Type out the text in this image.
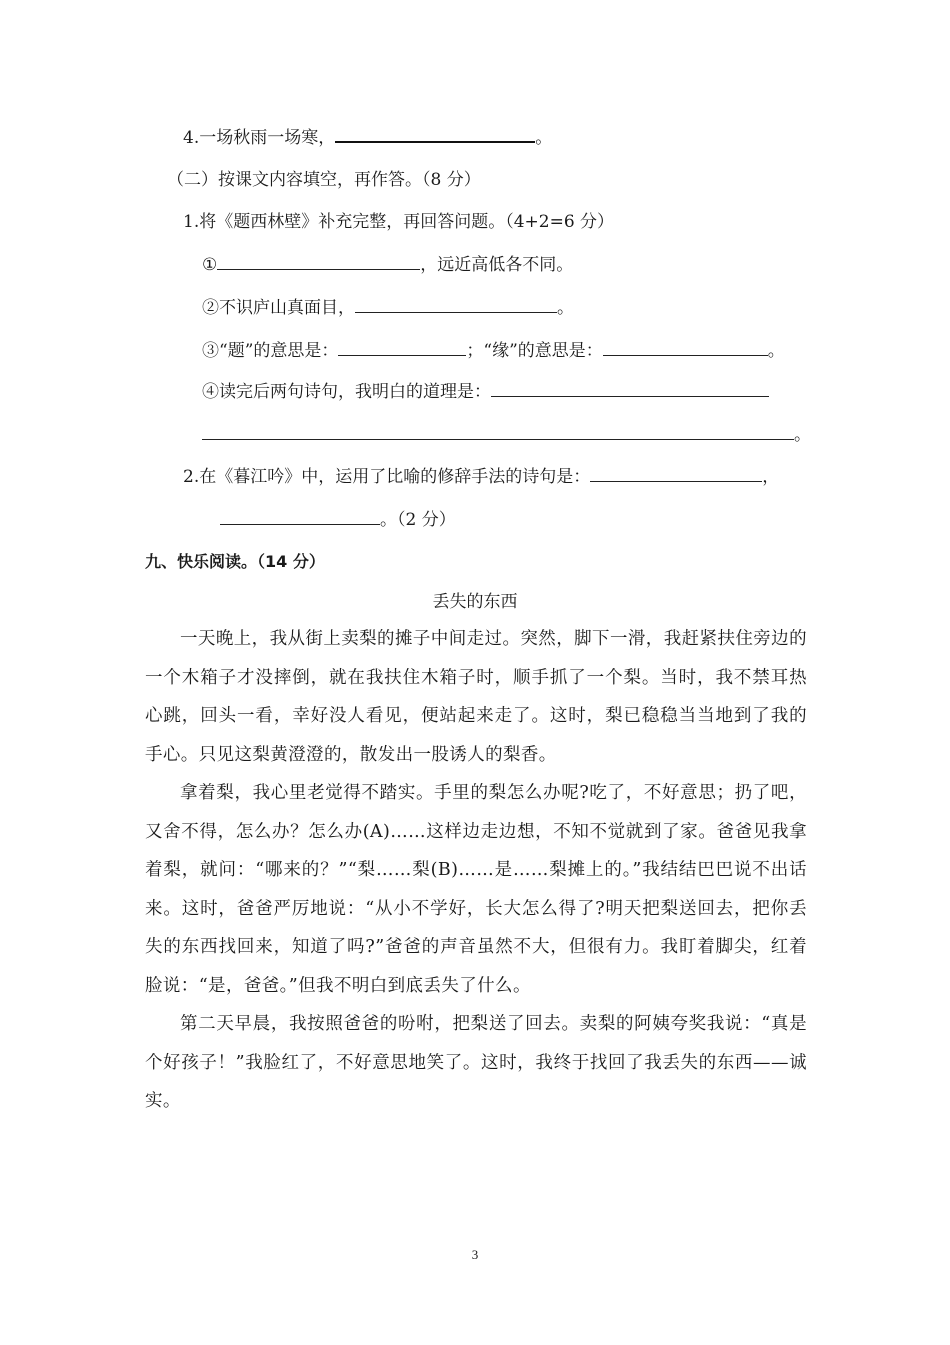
4.一场秋雨一场寒，	。
（二）按课文内容填空，再作答。（8 分）
1.将《题西林壁》补充完整，再回答问题。（4+2=6 分）
①	，远近高低各不同。
②不识庐山真面目，	。
③“题”的意思是：	；“缘”的意思是：	。
④读完后两句诗句，我明白的道理是：
。
2.在《暮江吟》中，运用了比喻的修辞手法的诗句是：	，
。（2 分）
九、快乐阅读。（14 分）
丢失的东西

一天晚上，我从街上卖梨的摊子中间走过。突然，脚下一滑，我赶紧扶住旁边的一个木箱子才没摔倒，就在我扶住木箱子时，顺手抓了一个梨。当时，我不禁耳热心跳，回头一看，幸好没人看见，便站起来走了。这时，梨已稳稳当当地到了我的手心。只见这梨黄澄澄的，散发出一股诱人的梨香。

拿着梨，我心里老觉得不踏实。手里的梨怎么办呢?吃了，不好意思；扔了吧，又舍不得，怎么办？怎么办(A)……这样边走边想，不知不觉就到了家。爸爸见我拿着梨，就问：“哪来的？”“梨……梨(B)……是……梨摊上的。”我结结巴巴说不出话来。这时，爸爸严厉地说：“从小不学好，长大怎么得了?明天把梨送回去，把你丢失的东西找回来，知道了吗?”爸爸的声音虽然不大，但很有力。我盯着脚尖，红着脸说：“是，爸爸。”但我不明白到底丢失了什么。

第二天早晨，我按照爸爸的吩咐，把梨送了回去。卖梨的阿姨夸奖我说：“真是个好孩子！”我脸红了，不好意思地笑了。这时，我终于找回了我丢失的东西——诚实。

3
